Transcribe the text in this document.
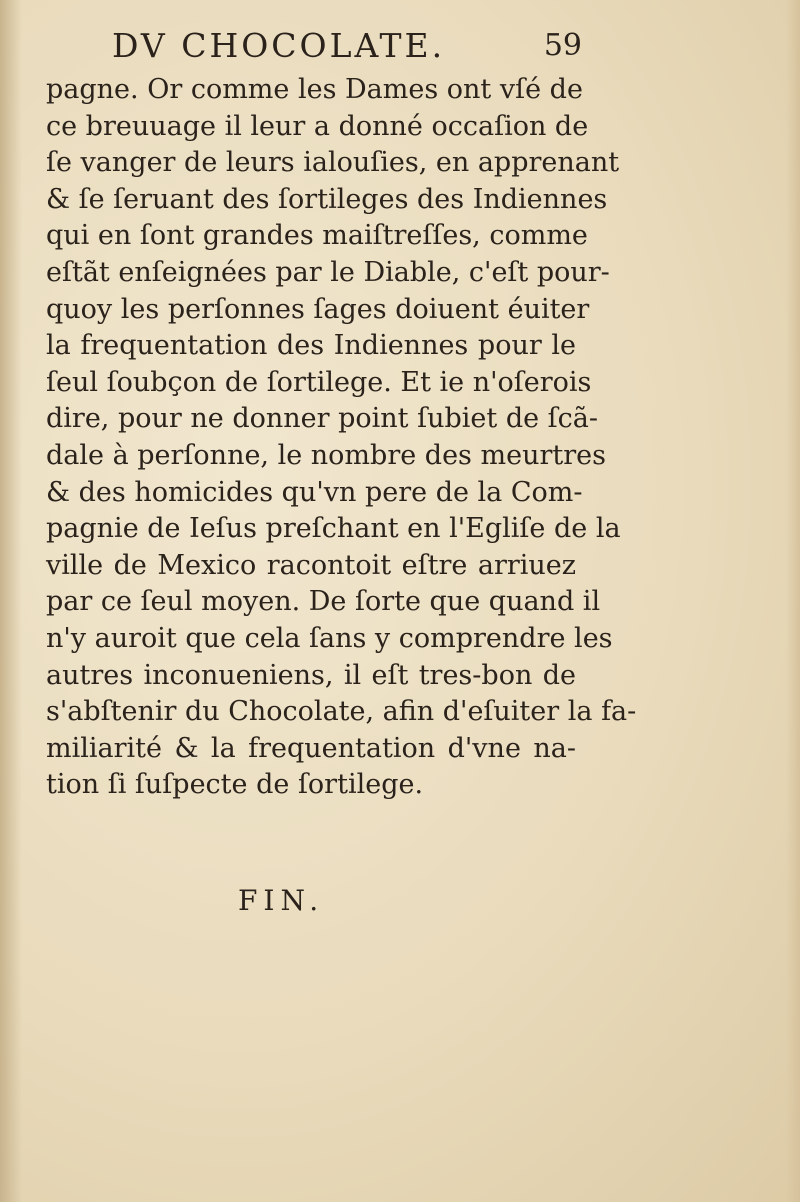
DV CHOCOLATE.	59
pagne. Or comme les Dames ont vſé de
ce breuuage il leur a donné occaſion de
ſe vanger de leurs ialouſies, en apprenant
& ſe ſeruant des ſortileges des Indiennes
qui en ſont grandes maiſtreſſes, comme
eſtãt enſeignées par le Diable, c'eſt pour-
quoy les perſonnes ſages doiuent éuiter
la frequentation des Indiennes pour le
ſeul ſoubçon de ſortilege. Et ie n'oſerois
dire, pour ne donner point ſubiet de ſcã-
dale à perſonne, le nombre des meurtres
& des homicides qu'vn pere de la Com-
pagnie de Ieſus preſchant en l'Egliſe de la
ville de Mexico racontoit eſtre arriuez
par ce ſeul moyen. De ſorte que quand il
n'y auroit que cela ſans y comprendre les
autres inconueniens, il eſt tres-bon de
s'abſtenir du Chocolate, afin d'eſuiter la fa-
miliarité & la frequentation d'vne na-
tion ſi ſuſpecte de ſortilege.
FIN.
